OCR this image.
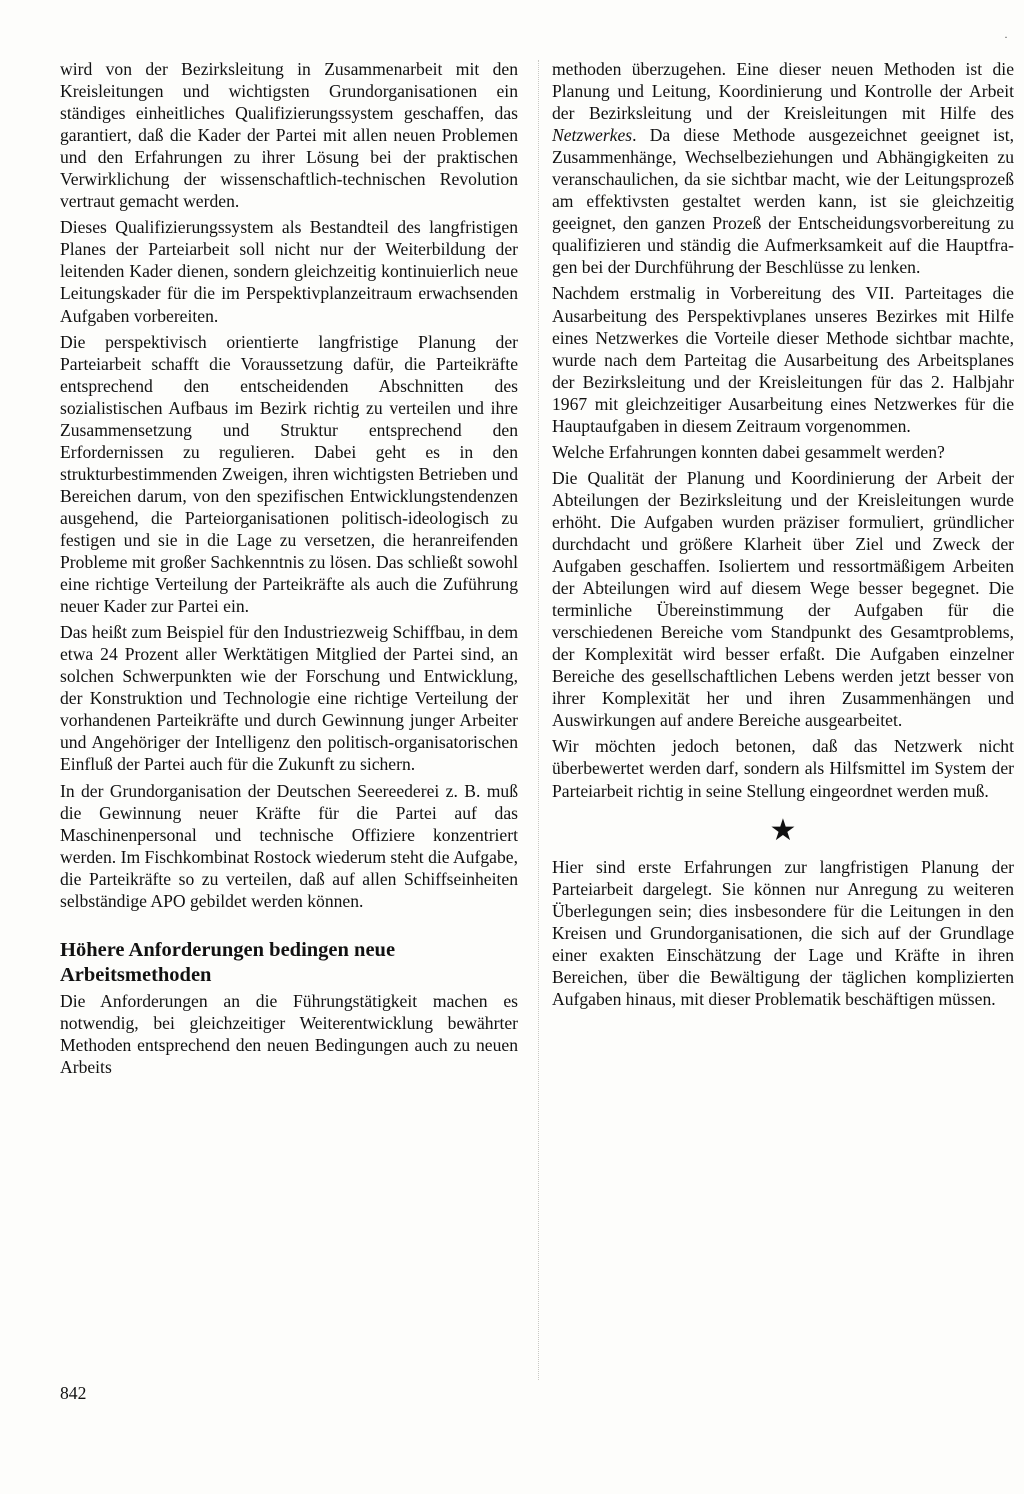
·

wird von der Bezirksleitung in Zusammenarbeit mit den Kreisleitungen und wichtigsten Grundorganisationen ein ständiges einheitliches Qualifizierungssystem geschaffen, das garantiert, daß die Kader der Partei mit allen neuen Problemen und den Erfahrungen zu ihrer Lösung bei der praktischen Verwirklichung der wissenschaftlich-technischen Revolution vertraut gemacht werden.

Dieses Qualifizierungssystem als Bestandteil des langfristigen Planes der Parteiarbeit soll nicht nur der Weiterbildung der leitenden Kader dienen, sondern gleichzeitig kontinuierlich neue Leitungskader für die im Perspektivplanzeitraum erwachsenden Aufgaben vorbereiten.

Die perspektivisch orientierte langfristige Planung der Parteiarbeit schafft die Voraussetzung dafür, die Parteikräfte entsprechend den entscheidenden Abschnitten des sozialistischen Aufbaus im Bezirk richtig zu verteilen und ihre Zusammensetzung und Struktur entsprechend den Erfordernissen zu regulieren. Dabei geht es in den strukturbestimmenden Zweigen, ihren wichtigsten Betrieben und Bereichen darum, von den spezifischen Entwicklungstendenzen ausgehend, die Parteiorganisationen politisch-ideologisch zu festigen und sie in die Lage zu versetzen, die heranreifenden Probleme mit großer Sachkenntnis zu lösen. Das schließt sowohl eine richtige Verteilung der Parteikräfte als auch die Zuführung neuer Kader zur Partei ein.

Das heißt zum Beispiel für den Industriezweig Schiffbau, in dem etwa 24 Prozent aller Werktätigen Mitglied der Partei sind, an solchen Schwerpunkten wie der Forschung und Entwicklung, der Konstruktion und Technologie eine richtige Verteilung der vorhandenen Parteikräfte und durch Gewinnung junger Arbeiter und Angehöriger der Intelligenz den politisch-organisatorischen Einfluß der Partei auch für die Zukunft zu sichern.

In der Grundorganisation der Deutschen Seereederei z. B. muß die Gewinnung neuer Kräfte für die Partei auf das Maschinenpersonal und technische Offiziere konzentriert werden. Im Fischkombinat Rostock wiederum steht die Aufgabe, die Parteikräfte so zu verteilen, daß auf allen Schiffseinheiten selbständige APO gebildet werden können.

Höhere Anforderungen bedingen neue Arbeitsmethoden

Die Anforderungen an die Führungstätigkeit machen es notwendig, bei gleichzeitiger Weiterentwicklung bewährter Methoden entsprechend den neuen Bedingungen auch zu neuen Arbeits

methoden überzugehen. Eine dieser neuen Methoden ist die Planung und Leitung, Koordinierung und Kontrolle der Arbeit der Bezirksleitung und der Kreisleitungen mit Hilfe des Netzwerkes. Da diese Methode ausgezeichnet geeignet ist, Zusammenhänge, Wechselbeziehungen und Abhängigkeiten zu veranschaulichen, da sie sichtbar macht, wie der Leitungsprozeß am effektivsten gestaltet werden kann, ist sie gleichzeitig geeignet, den ganzen Prozeß der Entscheidungsvorbereitung zu qualifizieren und ständig die Aufmerksamkeit auf die Hauptfragen bei der Durchführung der Beschlüsse zu lenken.

Nachdem erstmalig in Vorbereitung des VII. Parteitages die Ausarbeitung des Perspektivplanes unseres Bezirkes mit Hilfe eines Netzwerkes die Vorteile dieser Methode sichtbar machte, wurde nach dem Parteitag die Ausarbeitung des Arbeitsplanes der Bezirksleitung und der Kreisleitungen für das 2. Halbjahr 1967 mit gleichzeitiger Ausarbeitung eines Netzwerkes für die Hauptaufgaben in diesem Zeitraum vorgenommen.

Welche Erfahrungen konnten dabei gesammelt werden?

Die Qualität der Planung und Koordinierung der Arbeit der Abteilungen der Bezirksleitung und der Kreisleitungen wurde erhöht. Die Aufgaben wurden präziser formuliert, gründlicher durchdacht und größere Klarheit über Ziel und Zweck der Aufgaben geschaffen. Isoliertem und ressortmäßigem Arbeiten der Abteilungen wird auf diesem Wege besser begegnet. Die terminliche Übereinstimmung der Aufgaben für die verschiedenen Bereiche vom Standpunkt des Gesamtproblems, der Komplexität wird besser erfaßt. Die Aufgaben einzelner Bereiche des gesellschaftlichen Lebens werden jetzt besser von ihrer Komplexität her und ihren Zusammenhängen und Auswirkungen auf andere Bereiche ausgearbeitet.

Wir möchten jedoch betonen, daß das Netzwerk nicht überbewertet werden darf, sondern als Hilfsmittel im System der Parteiarbeit richtig in seine Stellung eingeordnet werden muß.

★

Hier sind erste Erfahrungen zur langfristigen Planung der Parteiarbeit dargelegt. Sie können nur Anregung zu weiteren Überlegungen sein; dies insbesondere für die Leitungen in den Kreisen und Grundorganisationen, die sich auf der Grundlage einer exakten Einschätzung der Lage und Kräfte in ihren Bereichen, über die Bewältigung der täglichen komplizierten Aufgaben hinaus, mit dieser Problematik beschäftigen müssen.

842
